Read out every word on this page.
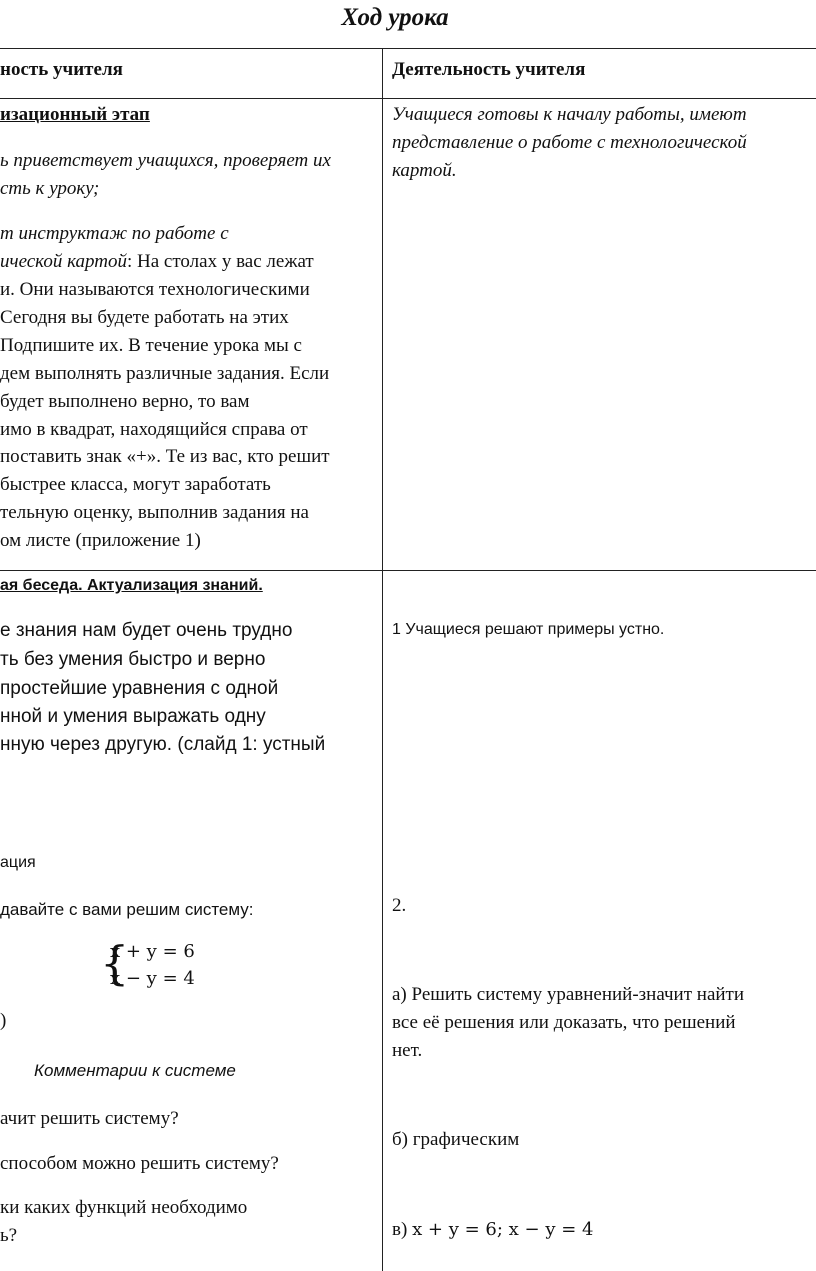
Ход урока
ность учителя	Деятельность учителя
изационный этап
ь приветствует учащихся, проверяет их
сть к уроку;
т инструктаж по работе с
ической картой: На столах у вас лежат
и. Они называются технологическими
Сегодня вы будете работать на этих
Подпишите их. В течение урока мы с
дем выполнять различные задания. Если
будет выполнено верно, то вам
имо в квадрат, находящийся справа от
поставить знак «+». Те из вас, кто решит
быстрее класса, могут заработать
тельную оценку, выполнив задания на
ом листе (приложение 1)
Учащиеся готовы к началу работы, имеют
представление о работе с технологической
картой.
ая беседа. Актуализация знаний.
е знания нам будет очень трудно
ть без умения быстро и верно
простейшие уравнения с одной
нной и умения выражать одну
нную через другую. (слайд 1: устный
ация
давайте с вами решим систему:
{
x + y = 6
x − y = 4
)
Комментарии к системе
ачит решить систему?
способом можно решить систему?
ки каких функций необходимо
ь?
1 Учащиеся решают примеры устно.
2.
а) Решить систему уравнений-значит найти
все её решения или доказать, что решений
нет.
б) графическим
в) x + y = 6; x − y = 4
